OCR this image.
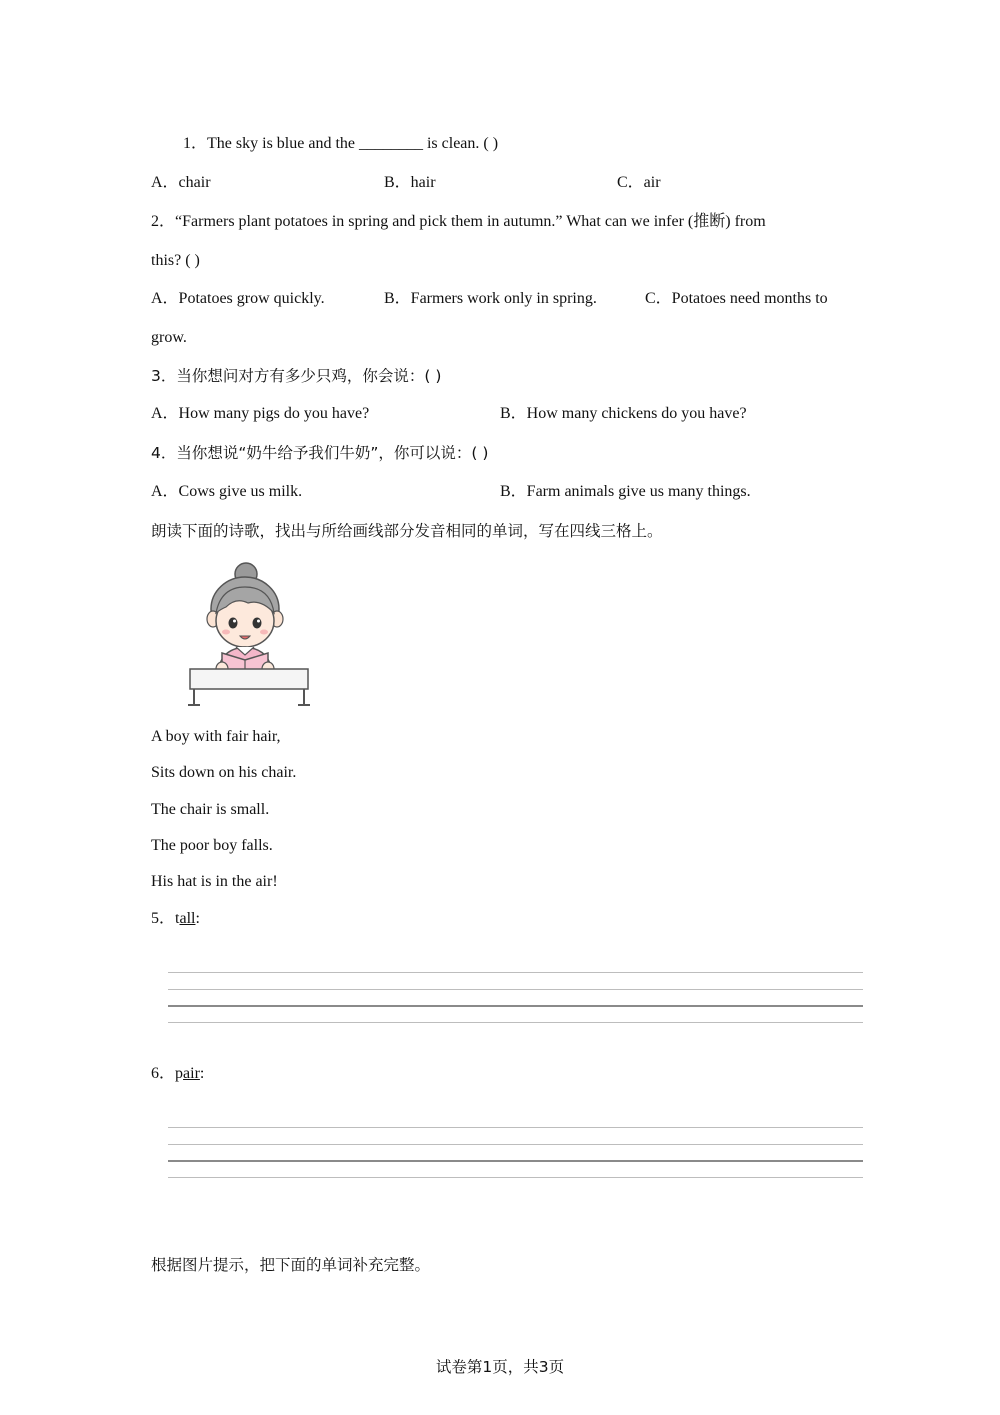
1．The sky is blue and the ________ is clean. ( )
A．chair	B．hair	C．air
2．“Farmers plant potatoes in spring and pick them in autumn.” What can we infer (推断) from
this? ( )
A．Potatoes grow quickly.	B．Farmers work only in spring.	C．Potatoes need months to
grow.
3．当你想问对方有多少只鸡，你会说：( )
A．How many pigs do you have?	B．How many chickens do you have?
4．当你想说“奶牛给予我们牛奶”，你可以说：( )
A．Cows give us milk.	B．Farm animals give us many things.
朗读下面的诗歌，找出与所给画线部分发音相同的单词，写在四线三格上。
A boy with fair hair,
Sits down on his chair.
The chair is small.
The poor boy falls.
His hat is in the air!
5．tall:
6．pair:
根据图片提示，把下面的单词补充完整。
试卷第1页，共3页
